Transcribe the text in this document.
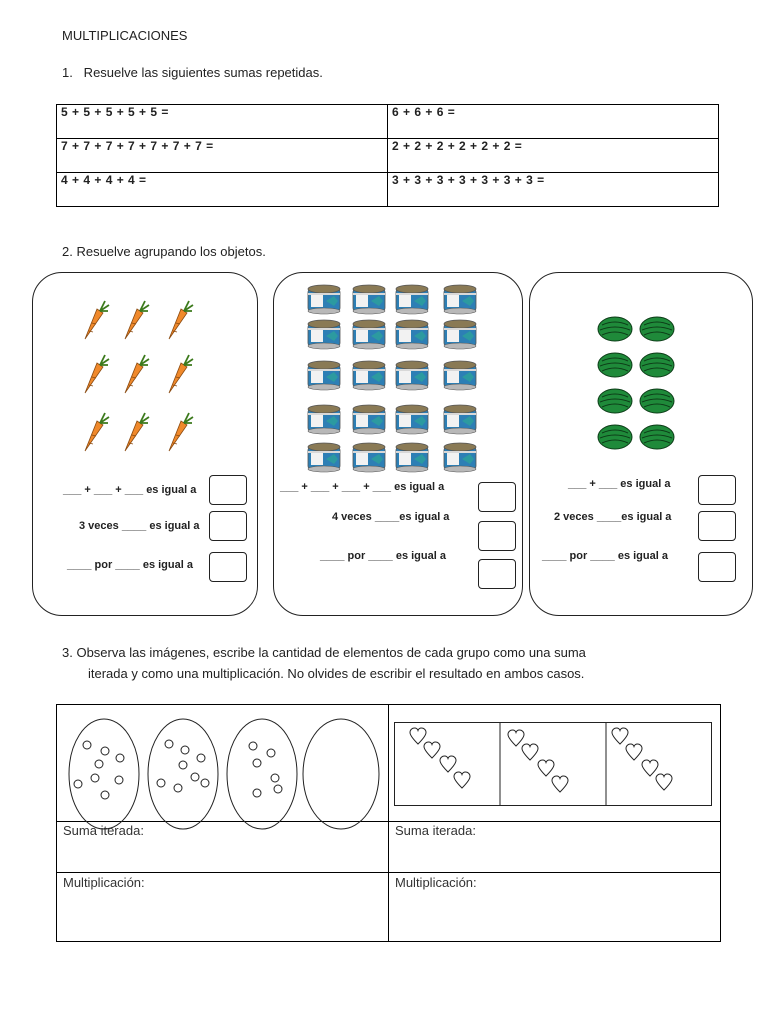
MULTIPLICACIONES
1.   Resuelve las siguientes sumas repetidas.
5 + 5 + 5 + 5 + 5 =	6 + 6 + 6 =
7 + 7 + 7 + 7 + 7 + 7 + 7 =	2 + 2 + 2 + 2 + 2 + 2 =
4 + 4 + 4 + 4 =	3 + 3 + 3 + 3 + 3 + 3 + 3 =
2. Resuelve agrupando los objetos.
___ + ___ + ___ es igual a
3 veces ____ es igual a
____ por ____ es igual a
___ + ___ + ___ + ___ es igual a
4 veces ____es igual a
____ por ____ es igual a
___ + ___ es igual a
2 veces ____es igual a
____ por ____ es igual a
3. Observa las imágenes, escribe la cantidad de elementos de cada grupo como una suma
iterada y como una multiplicación. No olvides de escribir el resultado en ambos casos.
Suma iterada:
Multiplicación:
Suma iterada:
Multiplicación:
